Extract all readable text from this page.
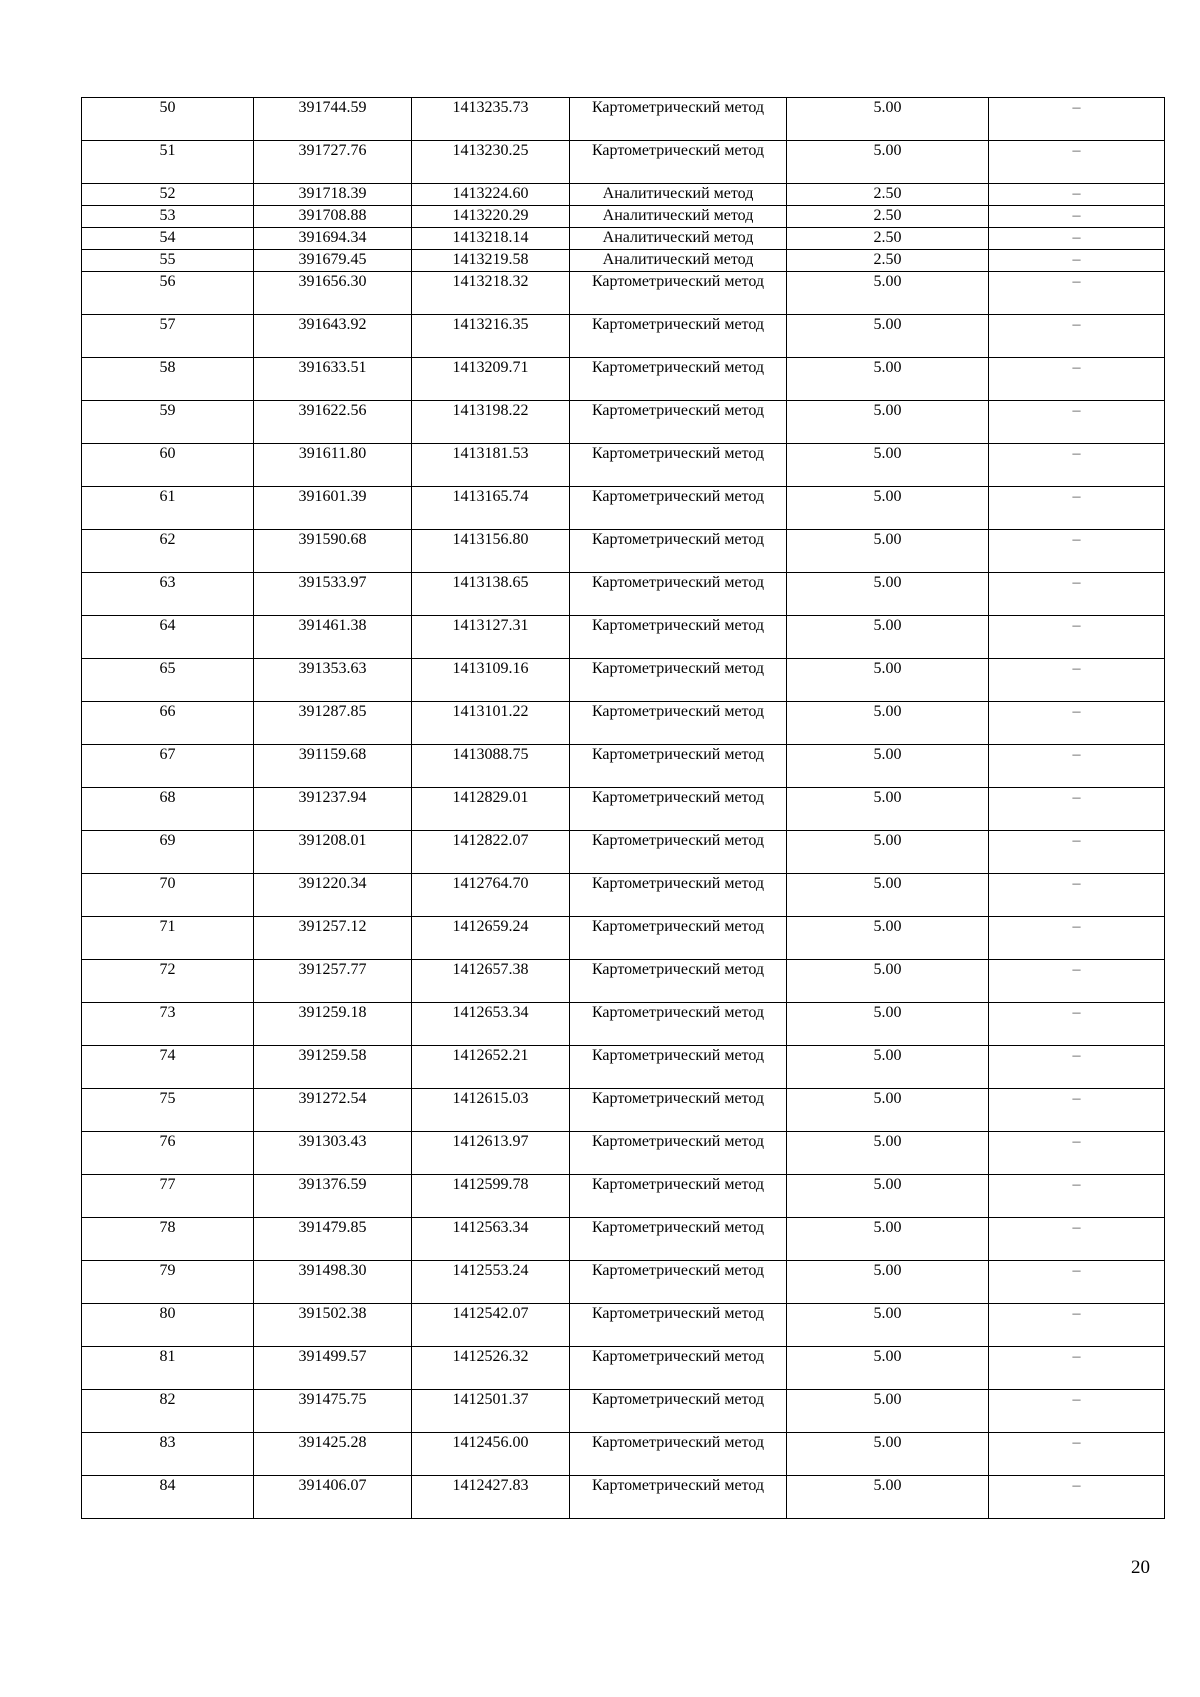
50	391744.59	1413235.73	Картометрический метод	5.00	–
51	391727.76	1413230.25	Картометрический метод	5.00	–
52	391718.39	1413224.60	Аналитический метод	2.50	–
53	391708.88	1413220.29	Аналитический метод	2.50	–
54	391694.34	1413218.14	Аналитический метод	2.50	–
55	391679.45	1413219.58	Аналитический метод	2.50	–
56	391656.30	1413218.32	Картометрический метод	5.00	–
57	391643.92	1413216.35	Картометрический метод	5.00	–
58	391633.51	1413209.71	Картометрический метод	5.00	–
59	391622.56	1413198.22	Картометрический метод	5.00	–
60	391611.80	1413181.53	Картометрический метод	5.00	–
61	391601.39	1413165.74	Картометрический метод	5.00	–
62	391590.68	1413156.80	Картометрический метод	5.00	–
63	391533.97	1413138.65	Картометрический метод	5.00	–
64	391461.38	1413127.31	Картометрический метод	5.00	–
65	391353.63	1413109.16	Картометрический метод	5.00	–
66	391287.85	1413101.22	Картометрический метод	5.00	–
67	391159.68	1413088.75	Картометрический метод	5.00	–
68	391237.94	1412829.01	Картометрический метод	5.00	–
69	391208.01	1412822.07	Картометрический метод	5.00	–
70	391220.34	1412764.70	Картометрический метод	5.00	–
71	391257.12	1412659.24	Картометрический метод	5.00	–
72	391257.77	1412657.38	Картометрический метод	5.00	–
73	391259.18	1412653.34	Картометрический метод	5.00	–
74	391259.58	1412652.21	Картометрический метод	5.00	–
75	391272.54	1412615.03	Картометрический метод	5.00	–
76	391303.43	1412613.97	Картометрический метод	5.00	–
77	391376.59	1412599.78	Картометрический метод	5.00	–
78	391479.85	1412563.34	Картометрический метод	5.00	–
79	391498.30	1412553.24	Картометрический метод	5.00	–
80	391502.38	1412542.07	Картометрический метод	5.00	–
81	391499.57	1412526.32	Картометрический метод	5.00	–
82	391475.75	1412501.37	Картометрический метод	5.00	–
83	391425.28	1412456.00	Картометрический метод	5.00	–
84	391406.07	1412427.83	Картометрический метод	5.00	–
20
